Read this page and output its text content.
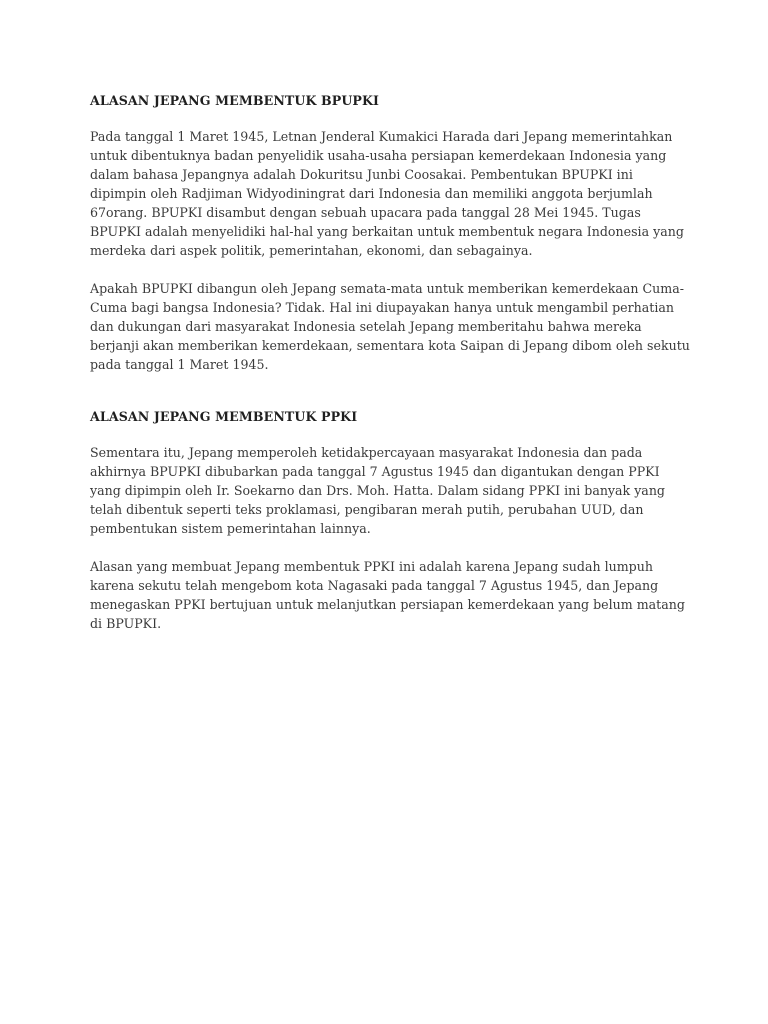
ALASAN JEPANG MEMBENTUK BPUPKI
Pada tanggal 1 Maret 1945, Letnan Jenderal Kumakici Harada dari Jepang memerintahkan untuk dibentuknya badan penyelidik usaha-usaha persiapan kemerdekaan Indonesia yang dalam bahasa Jepangnya adalah Dokuritsu Junbi Coosakai. Pembentukan BPUPKI ini dipimpin oleh Radjiman Widyodiningrat dari Indonesia dan memiliki anggota berjumlah 67orang. BPUPKI disambut dengan sebuah upacara pada tanggal 28 Mei 1945. Tugas BPUPKI adalah menyelidiki hal-hal yang berkaitan untuk membentuk negara Indonesia yang merdeka dari aspek politik, pemerintahan, ekonomi, dan sebagainya.
Apakah BPUPKI dibangun oleh Jepang semata-mata untuk memberikan kemerdekaan Cuma-Cuma bagi bangsa Indonesia? Tidak. Hal ini diupayakan hanya untuk mengambil perhatian dan dukungan dari masyarakat Indonesia setelah Jepang memberitahu bahwa mereka berjanji akan memberikan kemerdekaan, sementara kota Saipan di Jepang dibom oleh sekutu pada tanggal 1 Maret 1945.
ALASAN JEPANG MEMBENTUK PPKI
Sementara itu, Jepang memperoleh ketidakpercayaan masyarakat Indonesia dan pada akhirnya BPUPKI dibubarkan pada tanggal 7 Agustus 1945 dan digantukan dengan PPKI yang dipimpin oleh Ir. Soekarno dan Drs. Moh. Hatta. Dalam sidang PPKI ini banyak yang telah dibentuk seperti teks proklamasi, pengibaran merah putih, perubahan UUD, dan pembentukan sistem pemerintahan lainnya.
Alasan yang membuat Jepang membentuk PPKI ini adalah karena Jepang sudah lumpuh karena sekutu telah mengebom kota Nagasaki pada tanggal 7 Agustus 1945, dan Jepang menegaskan PPKI bertujuan untuk melanjutkan persiapan kemerdekaan yang belum matang di BPUPKI.
